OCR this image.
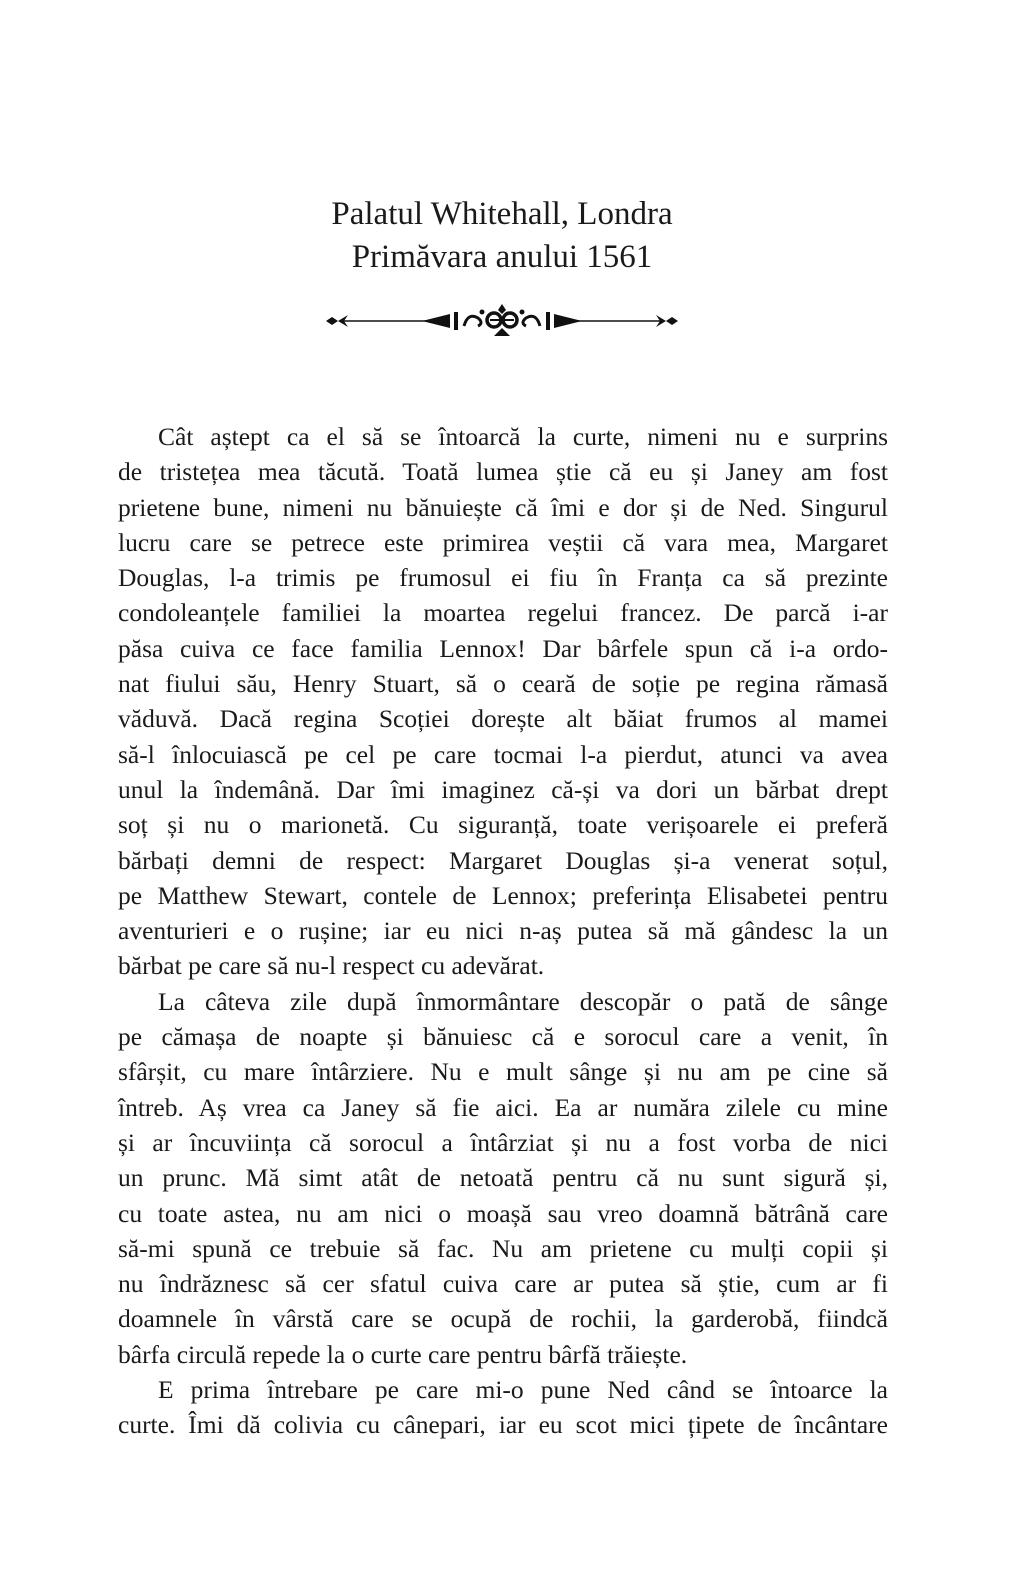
Palatul Whitehall, Londra
Primăvara anului 1561
Cât aștept ca el să se întoarcă la curte, nimeni nu e surprins
de tristețea mea tăcută. Toată lumea știe că eu și Janey am fost
prietene bune, nimeni nu bănuiește că îmi e dor și de Ned. Singurul
lucru care se petrece este primirea veștii că vara mea, Margaret
Douglas, l-a trimis pe frumosul ei fiu în Franța ca să prezinte
condoleanțele familiei la moartea regelui francez. De parcă i-ar
păsa cuiva ce face familia Lennox! Dar bârfele spun că i-a ordo-
nat fiului său, Henry Stuart, să o ceară de soție pe regina rămasă
văduvă. Dacă regina Scoției dorește alt băiat frumos al mamei
să-l înlocuiască pe cel pe care tocmai l-a pierdut, atunci va avea
unul la îndemână. Dar îmi imaginez că-și va dori un bărbat drept
soț și nu o marionetă. Cu siguranță, toate verișoarele ei preferă
bărbați demni de respect: Margaret Douglas și-a venerat soțul,
pe Matthew Stewart, contele de Lennox; preferința Elisabetei pentru
aventurieri e o rușine; iar eu nici n-aș putea să mă gândesc la un
bărbat pe care să nu-l respect cu adevărat.
La câteva zile după înmormântare descopăr o pată de sânge
pe cămașa de noapte și bănuiesc că e sorocul care a venit, în
sfârșit, cu mare întârziere. Nu e mult sânge și nu am pe cine să
întreb. Aș vrea ca Janey să fie aici. Ea ar număra zilele cu mine
și ar încuviința că sorocul a întârziat și nu a fost vorba de nici
un prunc. Mă simt atât de netoată pentru că nu sunt sigură și,
cu toate astea, nu am nici o moașă sau vreo doamnă bătrână care
să-mi spună ce trebuie să fac. Nu am prietene cu mulți copii și
nu îndrăznesc să cer sfatul cuiva care ar putea să știe, cum ar fi
doamnele în vârstă care se ocupă de rochii, la garderobă, fiindcă
bârfa circulă repede la o curte care pentru bârfă trăiește.
E prima întrebare pe care mi-o pune Ned când se întoarce la
curte. Îmi dă colivia cu cânepari, iar eu scot mici țipete de încântare
